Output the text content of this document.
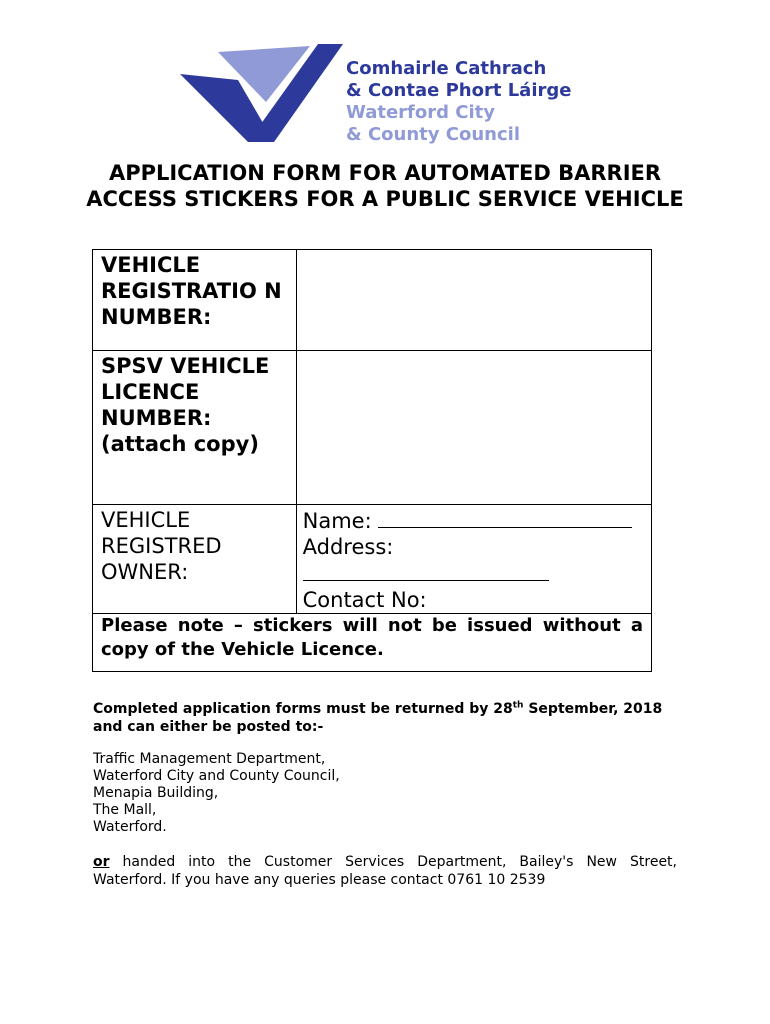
Comhairle Cathrach
& Contae Phort Láirge
Waterford City
& County Council
APPLICATION FORM FOR AUTOMATED BARRIER ACCESS STICKERS FOR A PUBLIC SERVICE VEHICLE
VEHICLE REGISTRATIO N NUMBER:	
SPSV VEHICLE LICENCE NUMBER: (attach copy)	
VEHICLE REGISTRED OWNER:	Name:
Address:
Contact No:

Please note – stickers will not be issued without a copy of the Vehicle Licence.	

Completed application forms must be returned by 28th September, 2018 and can either be posted to:-

Traffic Management Department,
Waterford City and County Council,
Menapia Building,
The Mall,
Waterford.

or handed into the Customer Services Department, Bailey's New Street, Waterford. If you have any queries please contact 0761 10 2539
